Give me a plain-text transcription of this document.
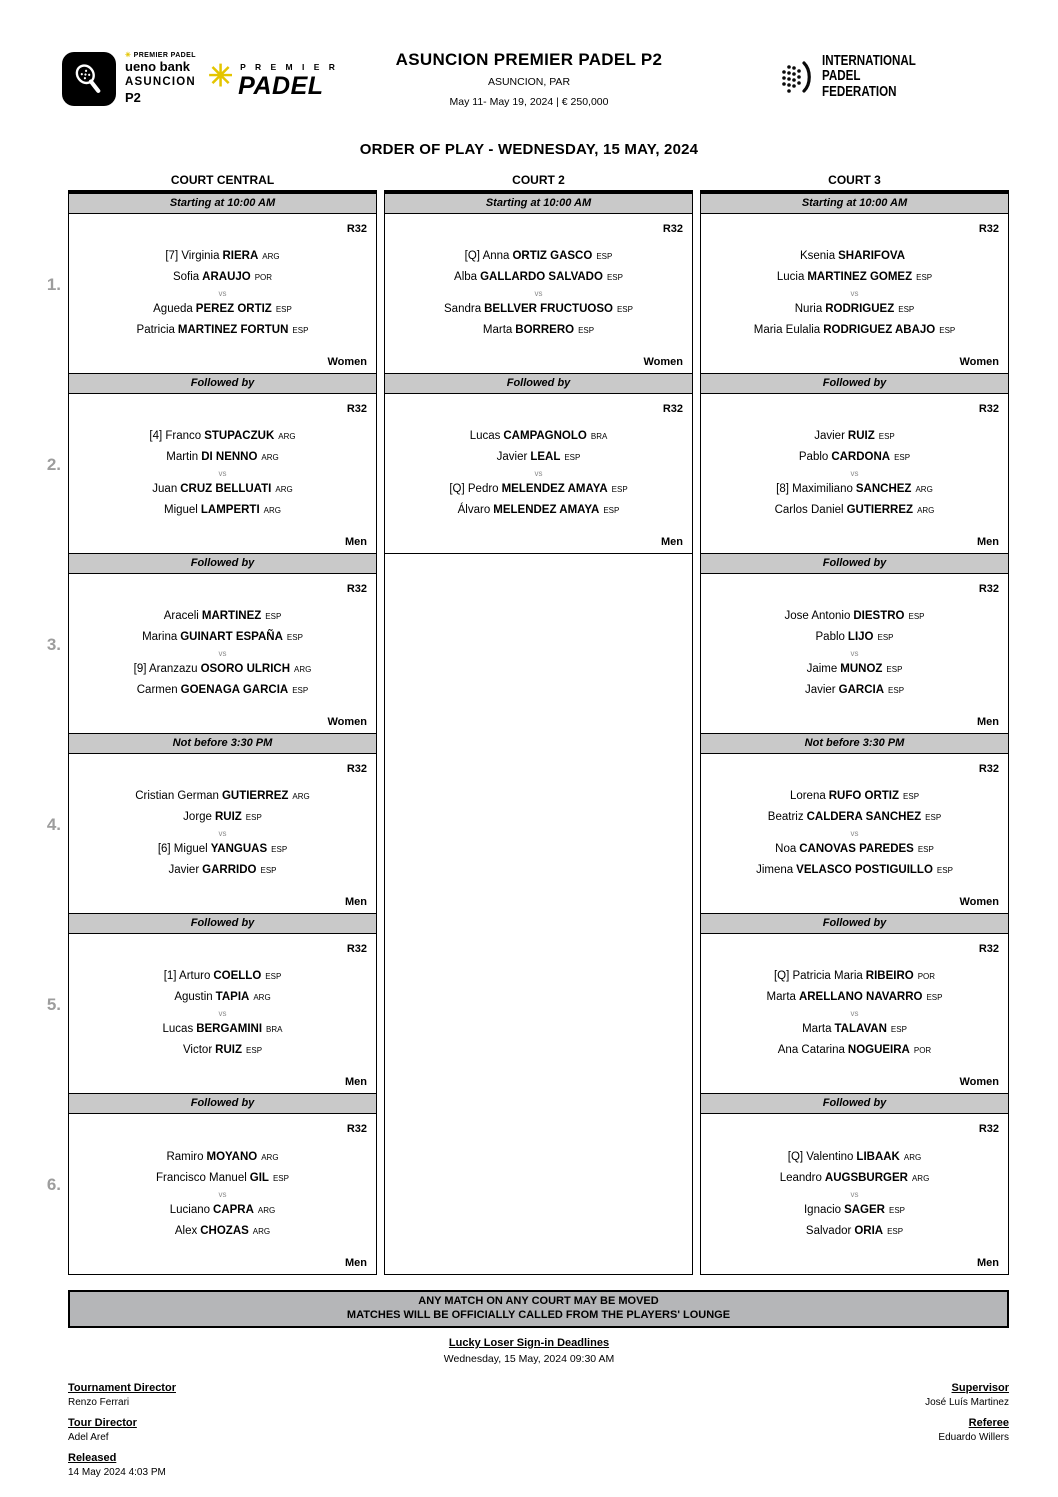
✳ PREMIER PADEL
ueno bank
ASUNCION
P2
✳ P R E M I E R
PADEL
ASUNCION PREMIER PADEL P2
ASUNCION, PAR
May 11- May 19, 2024 | € 250,000
INTERNATIONAL
PADEL
FEDERATION
ORDER OF PLAY - WEDNESDAY, 15 MAY, 2024
1.
2.
3.
4.
5.
6.
COURT CENTRAL	COURT 2	COURT 3
Starting at 10:00 AM
R32
[7] Virginia RIERA ARG
Sofia ARAUJO POR
vs
Agueda PEREZ ORTIZ ESP
Patricia MARTINEZ FORTUN ESP
Women
Followed by
R32
[4] Franco STUPACZUK ARG
Martin DI NENNO ARG
vs
Juan CRUZ BELLUATI ARG
Miguel LAMPERTI ARG
Men
Followed by
R32
Araceli MARTINEZ ESP
Marina GUINART ESPAÑA ESP
vs
[9] Aranzazu OSORO ULRICH ARG
Carmen GOENAGA GARCIA ESP
Women
Not before 3:30 PM
R32
Cristian German GUTIERREZ ARG
Jorge RUIZ ESP
vs
[6] Miguel YANGUAS ESP
Javier GARRIDO ESP
Men
Followed by
R32
[1] Arturo COELLO ESP
Agustin TAPIA ARG
vs
Lucas BERGAMINI BRA
Victor RUIZ ESP
Men
Followed by
R32
Ramiro MOYANO ARG
Francisco Manuel GIL ESP
vs
Luciano CAPRA ARG
Alex CHOZAS ARG
Men
Starting at 10:00 AM
R32
[Q] Anna ORTIZ GASCO ESP
Alba GALLARDO SALVADO ESP
vs
Sandra BELLVER FRUCTUOSO ESP
Marta BORRERO ESP
Women
Followed by
R32
Lucas CAMPAGNOLO BRA
Javier LEAL ESP
vs
[Q] Pedro MELENDEZ AMAYA ESP
Álvaro MELENDEZ AMAYA ESP
Men
Starting at 10:00 AM
R32
Ksenia SHARIFOVA
Lucia MARTINEZ GOMEZ ESP
vs
Nuria RODRIGUEZ ESP
Maria Eulalia RODRIGUEZ ABAJO ESP
Women
Followed by
R32
Javier RUIZ ESP
Pablo CARDONA ESP
vs
[8] Maximiliano SANCHEZ ARG
Carlos Daniel GUTIERREZ ARG
Men
Followed by
R32
Jose Antonio DIESTRO ESP
Pablo LIJO ESP
vs
Jaime MUNOZ ESP
Javier GARCIA ESP
Men
Not before 3:30 PM
R32
Lorena RUFO ORTIZ ESP
Beatriz CALDERA SANCHEZ ESP
vs
Noa CANOVAS PAREDES ESP
Jimena VELASCO POSTIGUILLO ESP
Women
Followed by
R32
[Q] Patricia Maria RIBEIRO POR
Marta ARELLANO NAVARRO ESP
vs
Marta TALAVAN ESP
Ana Catarina NOGUEIRA POR
Women
Followed by
R32
[Q] Valentino LIBAAK ARG
Leandro AUGSBURGER ARG
vs
Ignacio SAGER ESP
Salvador ORIA ESP
Men
ANY MATCH ON ANY COURT MAY BE MOVED
MATCHES WILL BE OFFICIALLY CALLED FROM THE PLAYERS' LOUNGE
Lucky Loser Sign-in Deadlines
Wednesday, 15 May, 2024 09:30 AM
Tournament Director
Renzo Ferrari
Tour Director
Adel Aref
Released
14 May 2024 4:03 PM
Supervisor
José Luís Martinez
Referee
Eduardo Willers
